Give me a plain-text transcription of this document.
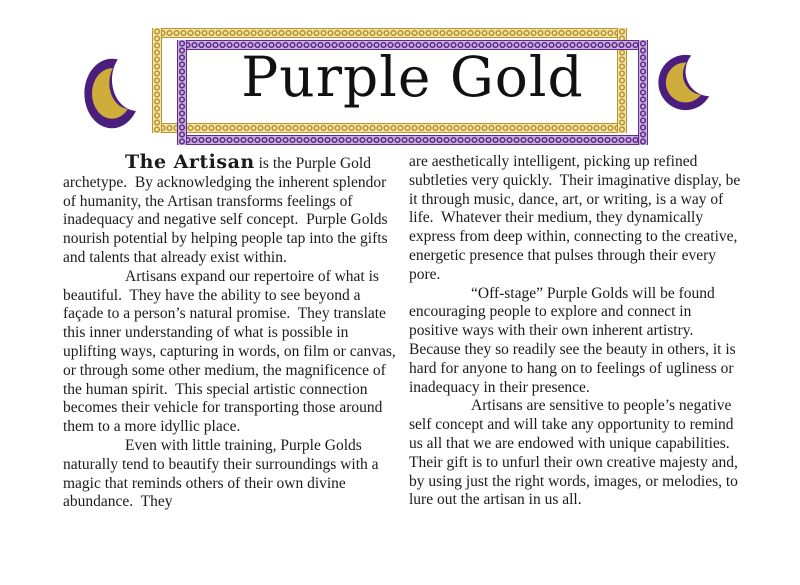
Purple Gold

The Artisan is the Purple Gold archetype.  By acknowledging the inherent splendor of humanity, the Artisan transforms feelings of inadequacy and negative self concept.  Purple Golds nourish potential by helping people tap into the gifts and talents that already exist within.

Artisans expand our repertoire of what is beautiful.  They have the ability to see beyond a façade to a person’s natural promise.  They translate this inner understanding of what is possible in uplifting ways, capturing in words, on film or canvas, or through some other medium, the magnificence of the human spirit.  This special artistic connection becomes their vehicle for transporting those around them to a more idyllic place.

Even with little training, Purple Golds naturally tend to beautify their surroundings with a magic that reminds others of their own divine abundance.  They

are aesthetically intelligent, picking up refined subtleties very quickly.  Their imaginative display, be it through music, dance, art, or writing, is a way of life.  Whatever their medium, they dynamically express from deep within, connecting to the creative, energetic presence that pulses through their every pore.

“Off-stage” Purple Golds will be found encouraging people to explore and connect in positive ways with their own inherent artistry.  Because they so readily see the beauty in others, it is hard for anyone to hang on to feelings of ugliness or inadequacy in their presence.

Artisans are sensitive to people’s negative self concept and will take any opportunity to remind us all that we are endowed with unique capabilities.  Their gift is to unfurl their own creative majesty and, by using just the right words, images, or melodies, to lure out the artisan in us all.
